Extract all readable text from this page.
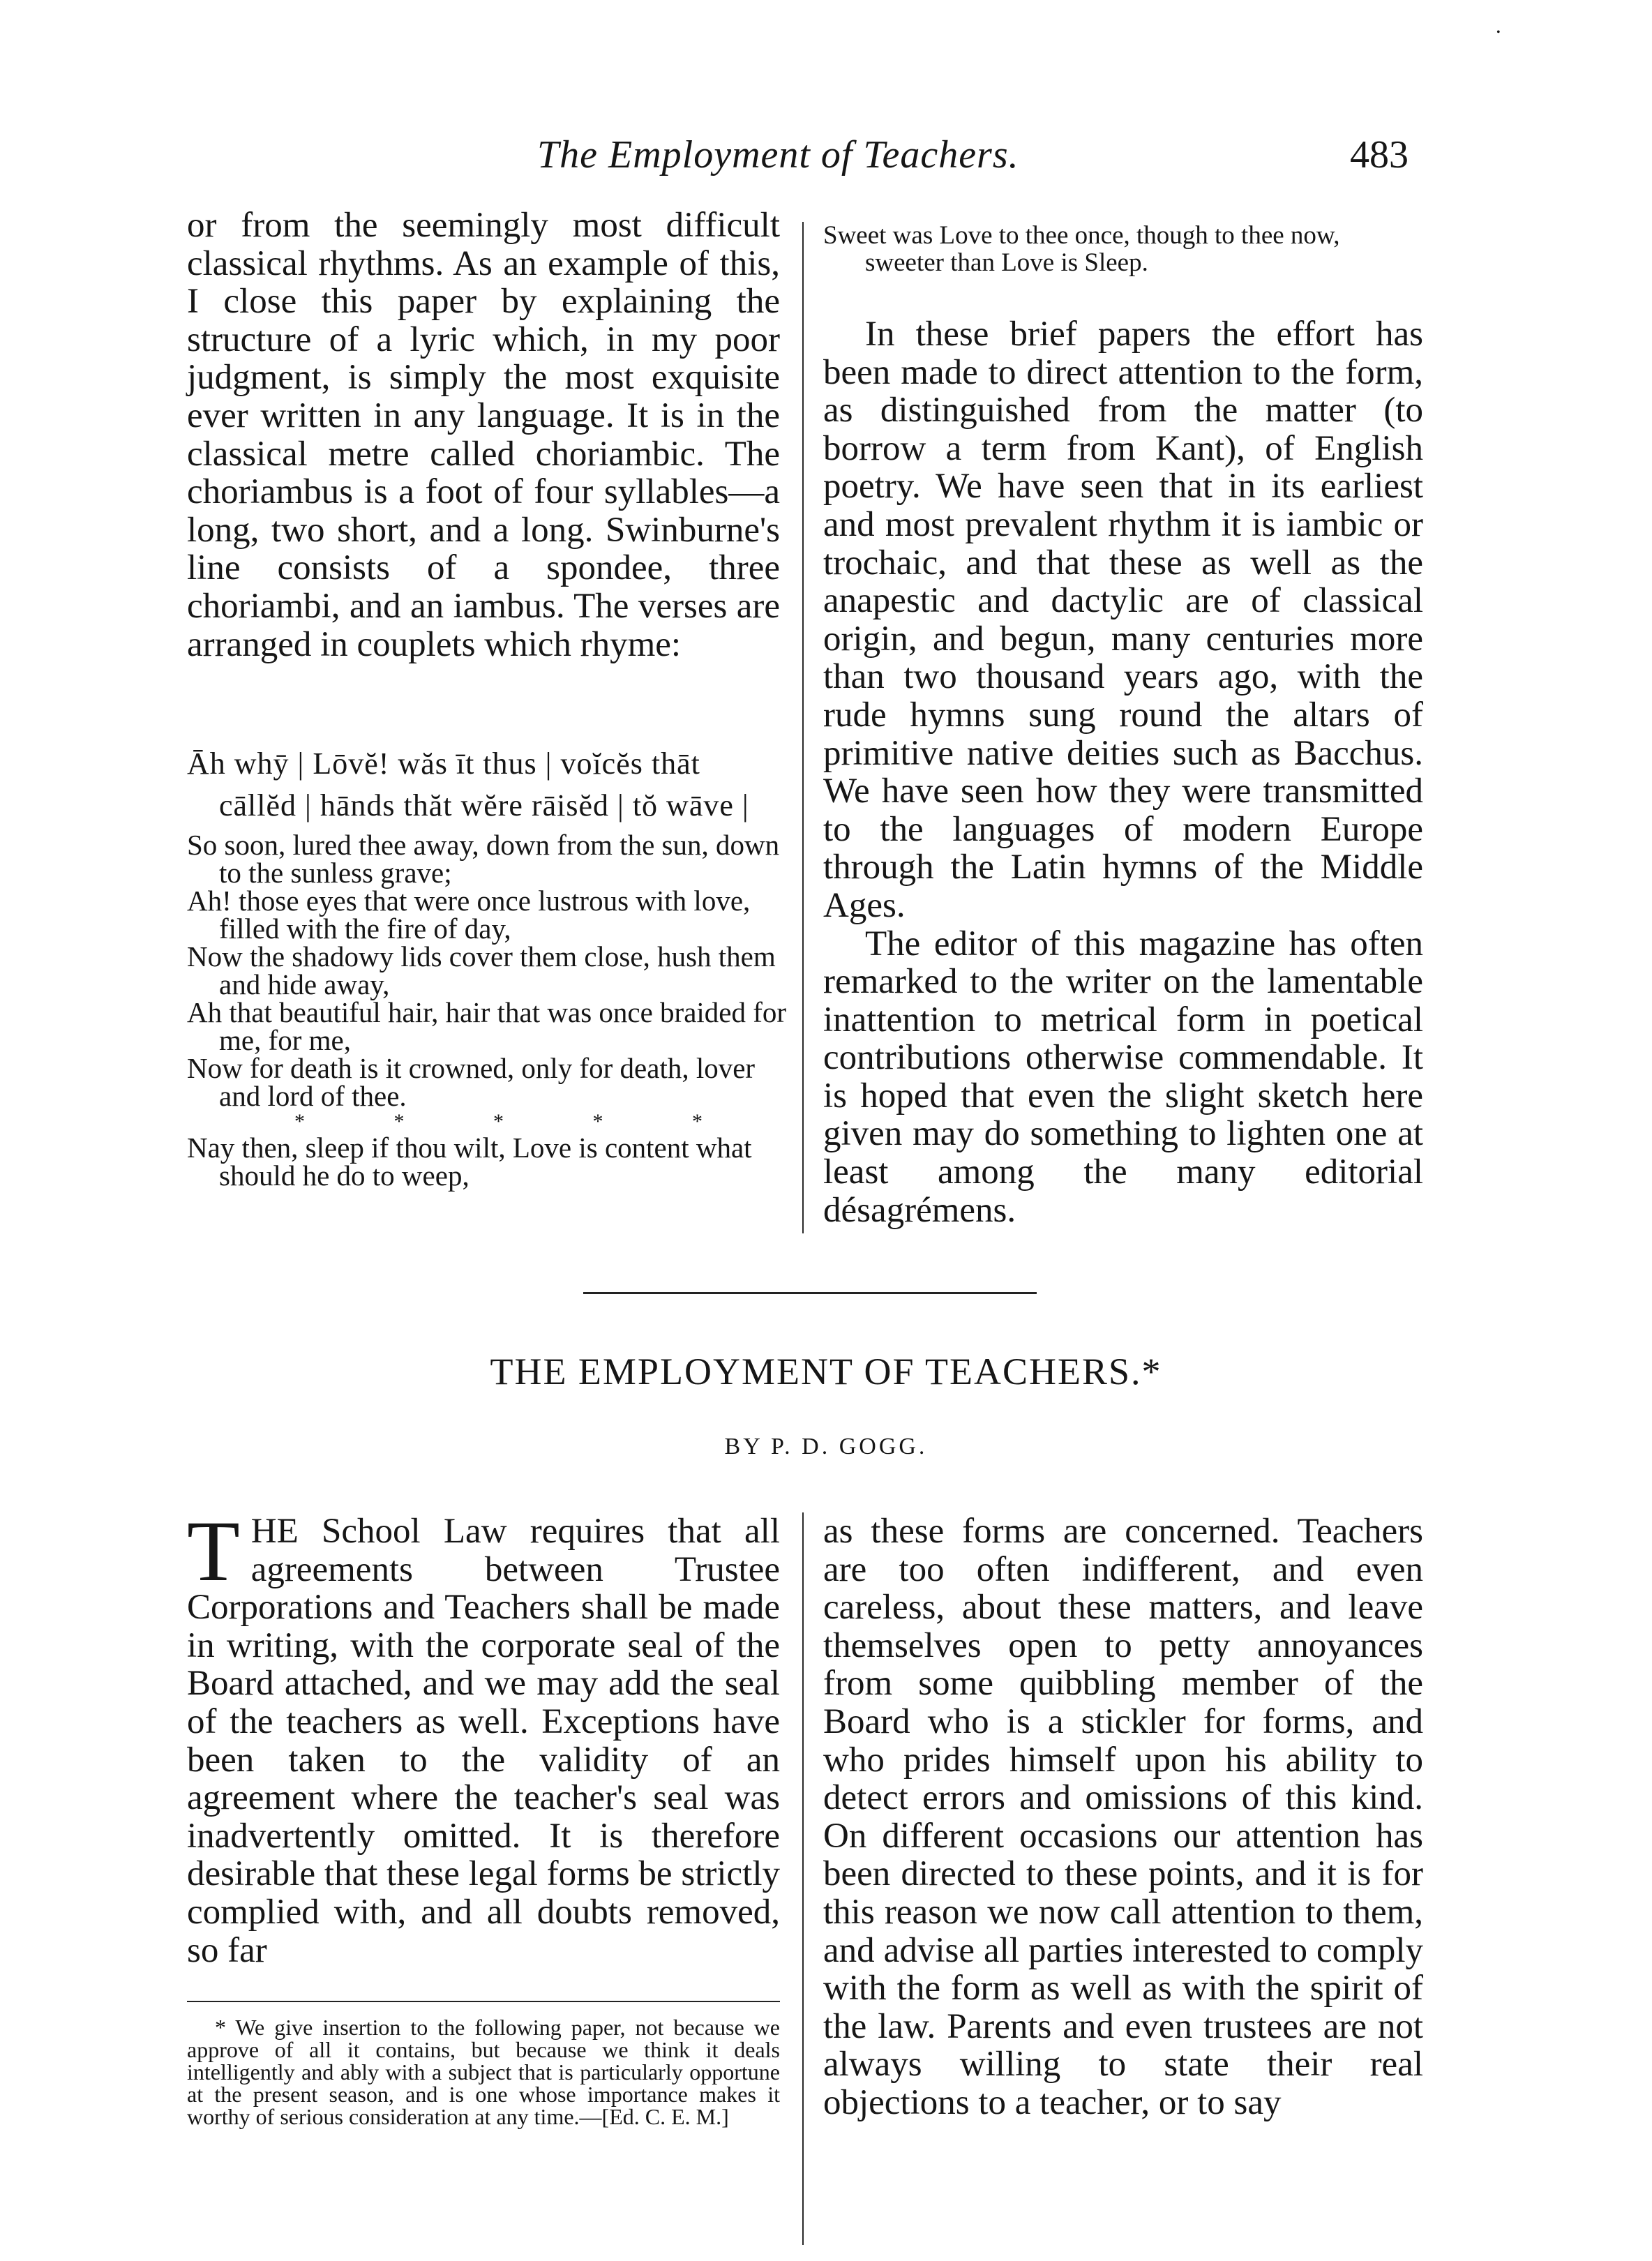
•
The Employment of Teachers.	483

or from the seemingly most difficult classical rhythms. As an example of this, I close this paper by explaining the structure of a lyric which, in my poor judgment, is simply the most exquisite ever written in any language. It is in the classical metre called choriambic. The choriambus is a foot of four syllables—a long, two short, and a long. Swinburne's line consists of a spondee, three choriambi, and an iambus. The verses are arranged in couplets which rhyme:

Āh whȳ | Lōvĕ! wăs īt thus | voĭcĕs thāt

cāllĕd | hānds thăt wĕre rāisĕd | tŏ wāve |

So soon, lured thee away, down from the sun, down to the sunless grave;

Ah! those eyes that were once lustrous with love, filled with the fire of day,

Now the shadowy lids cover them close, hush them and hide away,

Ah that beautiful hair, hair that was once braided for me, for me,

Now for death is it crowned, only for death, lover and lord of thee.

* * * * *

Nay then, sleep if thou wilt, Love is content what should he do to weep,

Sweet was Love to thee once, though to thee now, sweeter than Love is Sleep.

In these brief papers the effort has been made to direct attention to the form, as distinguished from the matter (to borrow a term from Kant), of English poetry. We have seen that in its earliest and most prevalent rhythm it is iambic or trochaic, and that these as well as the anapestic and dactylic are of classical origin, and begun, many centuries more than two thousand years ago, with the rude hymns sung round the altars of primitive native deities such as Bacchus. We have seen how they were transmitted to the languages of modern Europe through the Latin hymns of the Middle Ages.

The editor of this magazine has often remarked to the writer on the lamentable inattention to metrical form in poetical contributions otherwise commendable. It is hoped that even the slight sketch here given may do something to lighten one at least among the many editorial désagrémens.

THE EMPLOYMENT OF TEACHERS.*
BY P. D. GOGG.

THE School Law requires that all agreements between Trustee Corporations and Teachers shall be made in writing, with the corporate seal of the Board attached, and we may add the seal of the teachers as well. Exceptions have been taken to the validity of an agreement where the teacher's seal was inadvertently omitted. It is therefore desirable that these legal forms be strictly complied with, and all doubts removed, so far

as these forms are concerned. Teachers are too often indifferent, and even careless, about these matters, and leave themselves open to petty annoyances from some quibbling member of the Board who is a stickler for forms, and who prides himself upon his ability to detect errors and omissions of this kind. On different occasions our attention has been directed to these points, and it is for this reason we now call attention to them, and advise all parties interested to comply with the form as well as with the spirit of the law. Parents and even trustees are not always willing to state their real objections to a teacher, or to say

* We give insertion to the following paper, not because we approve of all it contains, but because we think it deals intelligently and ably with a subject that is particularly opportune at the present season, and is one whose importance makes it worthy of serious consideration at any time.—[Ed. C. E. M.]
